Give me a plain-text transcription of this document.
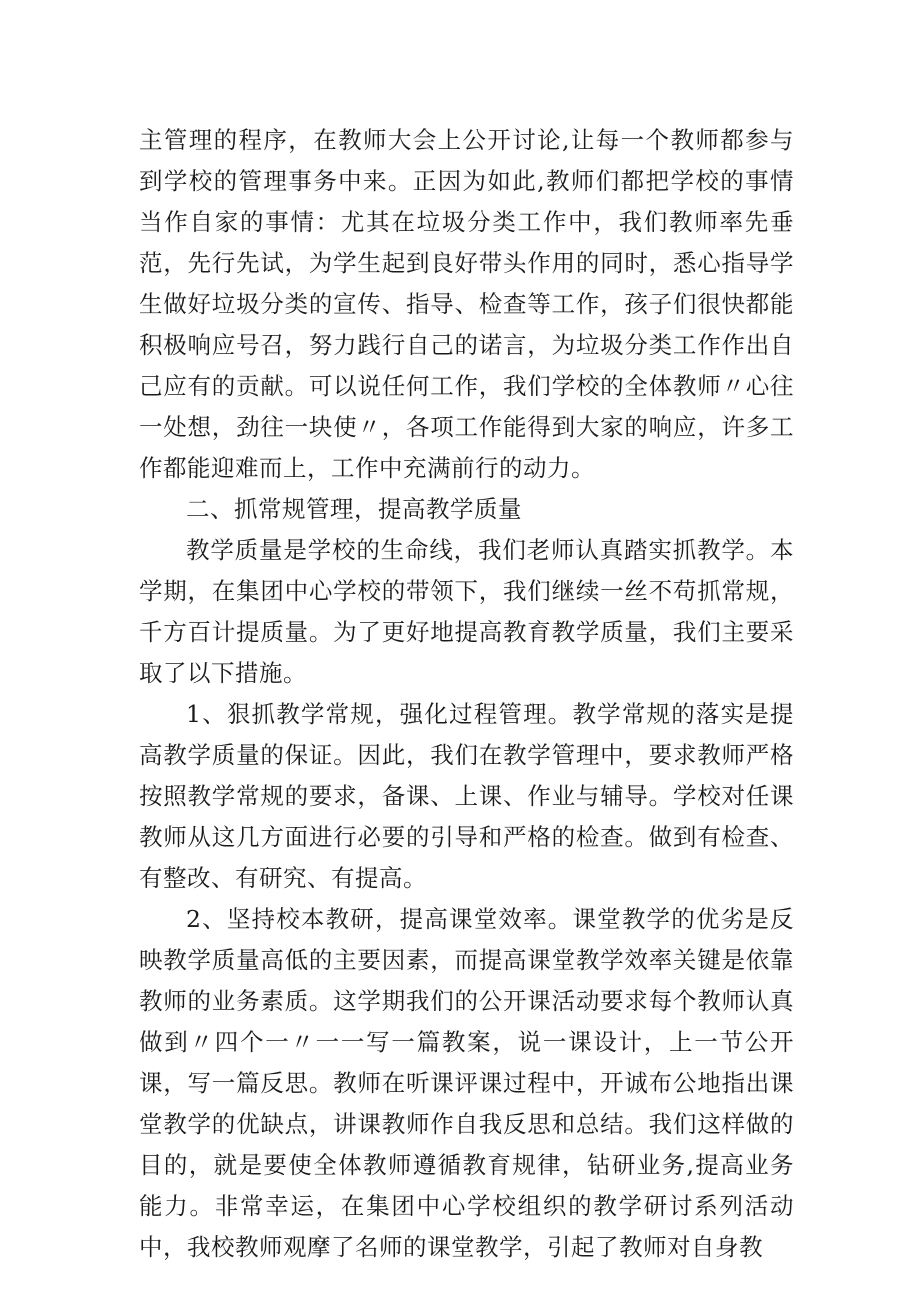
主管理的程序，在教师大会上公开讨论,让每一个教师都参与到学校的管理事务中来。正因为如此,教师们都把学校的事情当作自家的事情：尤其在垃圾分类工作中，我们教师率先垂范，先行先试，为学生起到良好带头作用的同时，悉心指导学生做好垃圾分类的宣传、指导、检查等工作，孩子们很快都能积极响应号召，努力践行自己的诺言，为垃圾分类工作作出自己应有的贡献。可以说任何工作，我们学校的全体教师〃心往一处想，劲往一块使〃，各项工作能得到大家的响应，许多工作都能迎难而上，工作中充满前行的动力。

二、抓常规管理，提高教学质量

教学质量是学校的生命线，我们老师认真踏实抓教学。本学期，在集团中心学校的带领下，我们继续一丝不苟抓常规，千方百计提质量。为了更好地提高教育教学质量，我们主要采取了以下措施。

1、狠抓教学常规，强化过程管理。教学常规的落实是提高教学质量的保证。因此，我们在教学管理中，要求教师严格按照教学常规的要求，备课、上课、作业与辅导。学校对任课教师从这几方面进行必要的引导和严格的检查。做到有检查、有整改、有研究、有提高。

2、坚持校本教研，提高课堂效率。课堂教学的优劣是反映教学质量高低的主要因素，而提高课堂教学效率关键是依靠教师的业务素质。这学期我们的公开课活动要求每个教师认真做到〃四个一〃一一写一篇教案，说一课设计，上一节公开课，写一篇反思。教师在听课评课过程中，开诚布公地指出课堂教学的优缺点，讲课教师作自我反思和总结。我们这样做的目的，就是要使全体教师遵循教育规律，钻研业务,提高业务能力。非常幸运，在集团中心学校组织的教学研讨系列活动中，我校教师观摩了名师的课堂教学，引起了教师对自身教
